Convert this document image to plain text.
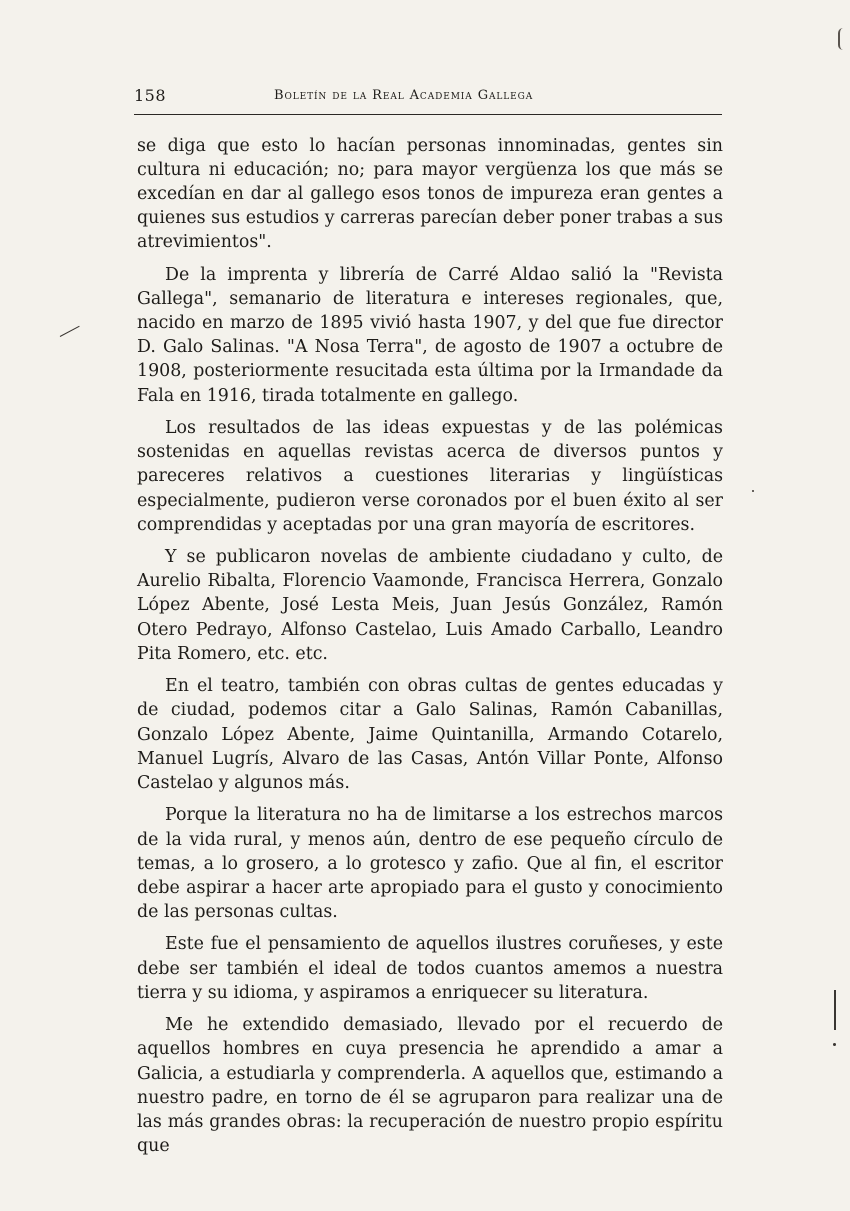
158	Boletín de la Real Academia Gallega

se diga que esto lo hacían personas innominadas, gentes sin cultura ni educación; no; para mayor vergüenza los que más se excedían en dar al gallego esos tonos de impureza eran gentes a quienes sus estudios y carreras parecían deber poner trabas a sus atrevimientos".

De la imprenta y librería de Carré Aldao salió la "Revista Gallega", semanario de literatura e intereses regionales, que, nacido en marzo de 1895 vivió hasta 1907, y del que fue director D. Galo Salinas. "A Nosa Terra", de agosto de 1907 a octubre de 1908, posteriormente resucitada esta última por la Irmandade da Fala en 1916, tirada totalmente en gallego.

Los resultados de las ideas expuestas y de las polémicas sostenidas en aquellas revistas acerca de diversos puntos y pareceres relativos a cuestiones literarias y lingüísticas especialmente, pudieron verse coronados por el buen éxito al ser comprendidas y aceptadas por una gran mayoría de escritores.

Y se publicaron novelas de ambiente ciudadano y culto, de Aurelio Ribalta, Florencio Vaamonde, Francisca Herrera, Gonzalo López Abente, José Lesta Meis, Juan Jesús González, Ramón Otero Pedrayo, Alfonso Castelao, Luis Amado Carballo, Leandro Pita Romero, etc. etc.

En el teatro, también con obras cultas de gentes educadas y de ciudad, podemos citar a Galo Salinas, Ramón Cabanillas, Gonzalo López Abente, Jaime Quintanilla, Armando Cotarelo, Manuel Lugrís, Alvaro de las Casas, Antón Villar Ponte, Alfonso Castelao y algunos más.

Porque la literatura no ha de limitarse a los estrechos marcos de la vida rural, y menos aún, dentro de ese pequeño círculo de temas, a lo grosero, a lo grotesco y zafio. Que al fin, el escritor debe aspirar a hacer arte apropiado para el gusto y conocimiento de las personas cultas.

Este fue el pensamiento de aquellos ilustres coruñeses, y este debe ser también el ideal de todos cuantos amemos a nuestra tierra y su idioma, y aspiramos a enriquecer su literatura.

Me he extendido demasiado, llevado por el recuerdo de aquellos hombres en cuya presencia he aprendido a amar a Galicia, a estudiarla y comprenderla. A aquellos que, estimando a nuestro padre, en torno de él se agruparon para realizar una de las más grandes obras: la recuperación de nuestro propio espíritu que
